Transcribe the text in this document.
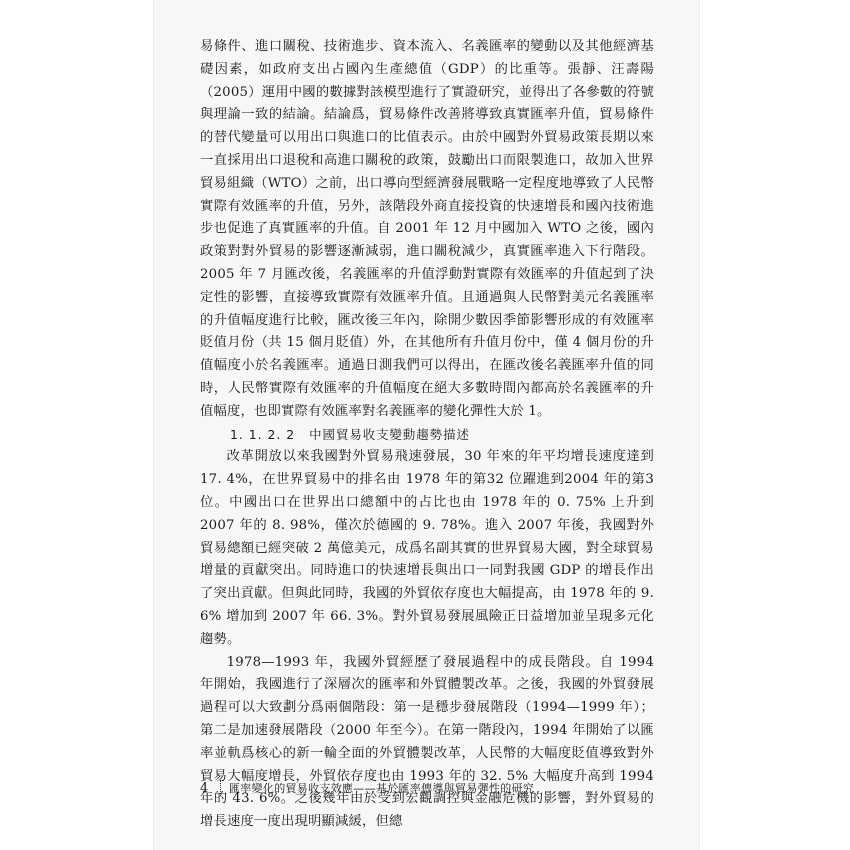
易條件、進口關稅、技術進步、資本流入、名義匯率的變動以及其他經濟基礎因素，如政府支出占國內生產總值（GDP）的比重等。張靜、汪壽陽（2005）運用中國的數據對該模型進行了實證研究，並得出了各參數的符號與理論一致的結論。結論爲，貿易條件改善將導致真實匯率升值，貿易條件的替代變量可以用出口與進口的比值表示。由於中國對外貿易政策長期以來一直採用出口退稅和高進口關稅的政策，鼓勵出口而限製進口，故加入世界貿易組織（WTO）之前，出口導向型經濟發展戰略一定程度地導致了人民幣實際有效匯率的升值，另外，該階段外商直接投資的快速增長和國內技術進步也促進了真實匯率的升值。自 2001 年 12 月中國加入 WTO 之後，國內政策對對外貿易的影響逐漸減弱，進口關稅減少，真實匯率進入下行階段。2005 年 7 月匯改後，名義匯率的升值浮動對實際有效匯率的升值起到了決定性的影響，直接導致實際有效匯率升值。且通過與人民幣對美元名義匯率的升值幅度進行比較，匯改後三年內，除開少數因季節影響形成的有效匯率貶值月份（共 15 個月貶值）外，在其他所有升值月份中，僅 4 個月份的升值幅度小於名義匯率。通過日測我們可以得出，在匯改後名義匯率升值的同時，人民幣實際有效匯率的升值幅度在絕大多數時間內都高於名義匯率的升值幅度，也即實際有效匯率對名義匯率的變化彈性大於 1。

1. 1. 2. 2 中國貿易收支變動趨勢描述

改革開放以來我國對外貿易飛速發展，30 年來的年平均增長速度達到 17. 4%，在世界貿易中的排名由 1978 年的第32 位躍進到2004 年的第3 位。中國出口在世界出口總額中的占比也由 1978 年的 0. 75% 上升到 2007 年的 8. 98%，僅次於德國的 9. 78%。進入 2007 年後，我國對外貿易總額已經突破 2 萬億美元，成爲名副其實的世界貿易大國，對全球貿易增量的貢獻突出。同時進口的快速增長與出口一同對我國 GDP 的增長作出了突出貢獻。但與此同時，我國的外貿依存度也大幅提高，由 1978 年的 9. 6% 增加到 2007 年 66. 3%。對外貿易發展風險正日益增加並呈現多元化趨勢。

1978—1993 年，我國外貿經歷了發展過程中的成長階段。自 1994 年開始，我國進行了深層次的匯率和外貿體製改革。之後，我國的外貿發展過程可以大致劃分爲兩個階段：第一是穩步發展階段（1994—1999 年）；第二是加速發展階段（2000 年至今）。在第一階段內，1994 年開始了以匯率並軌爲核心的新一輪全面的外貿體製改革，人民幣的大幅度貶值導致對外貿易大幅度增長，外貿依存度也由 1993 年的 32. 5% 大幅度升高到 1994 年的 43. 6%。之後幾年由於受到宏觀調控與金融危機的影響，對外貿易的增長速度一度出現明顯減緩，但總

4	匯率變化的貿易收支效應——基於匯率傳導與貿易彈性的研究
